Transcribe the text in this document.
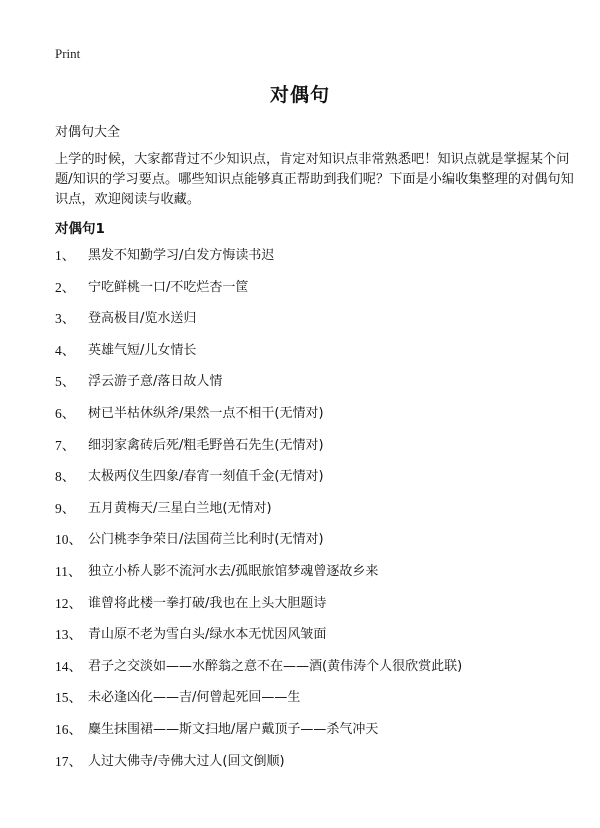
Print
对偶句
对偶句大全

上学的时候，大家都背过不少知识点，肯定对知识点非常熟悉吧！知识点就是掌握某个问题/知识的学习要点。哪些知识点能够真正帮助到我们呢？下面是小编收集整理的对偶句知识点，欢迎阅读与收藏。

对偶句1
1、 黑发不知勤学习/白发方悔读书迟
2、 宁吃鲜桃一口/不吃烂杏一筐
3、 登高极目/览水送归
4、 英雄气短/儿女情长
5、 浮云游子意/落日故人情
6、 树已半枯休纵斧/果然一点不相干(无情对)
7、 细羽家禽砖后死/粗毛野兽石先生(无情对)
8、 太极两仪生四象/春宵一刻值千金(无情对)
9、 五月黄梅天/三星白兰地(无情对)
10、 公门桃李争荣日/法国荷兰比利时(无情对)
11、 独立小桥人影不流河水去/孤眠旅馆梦魂曾逐故乡来
12、 谁曾将此楼一拳打破/我也在上头大胆题诗
13、 青山原不老为雪白头/绿水本无忧因风皱面
14、 君子之交淡如——水醉翁之意不在——酒(黄伟涛个人很欣赏此联)
15、 未必逢凶化——吉/何曾起死回——生
16、 麋生抹围裙——斯文扫地/屠户戴顶子——杀气冲天
17、 人过大佛寺/寺佛大过人(回文倒顺)
